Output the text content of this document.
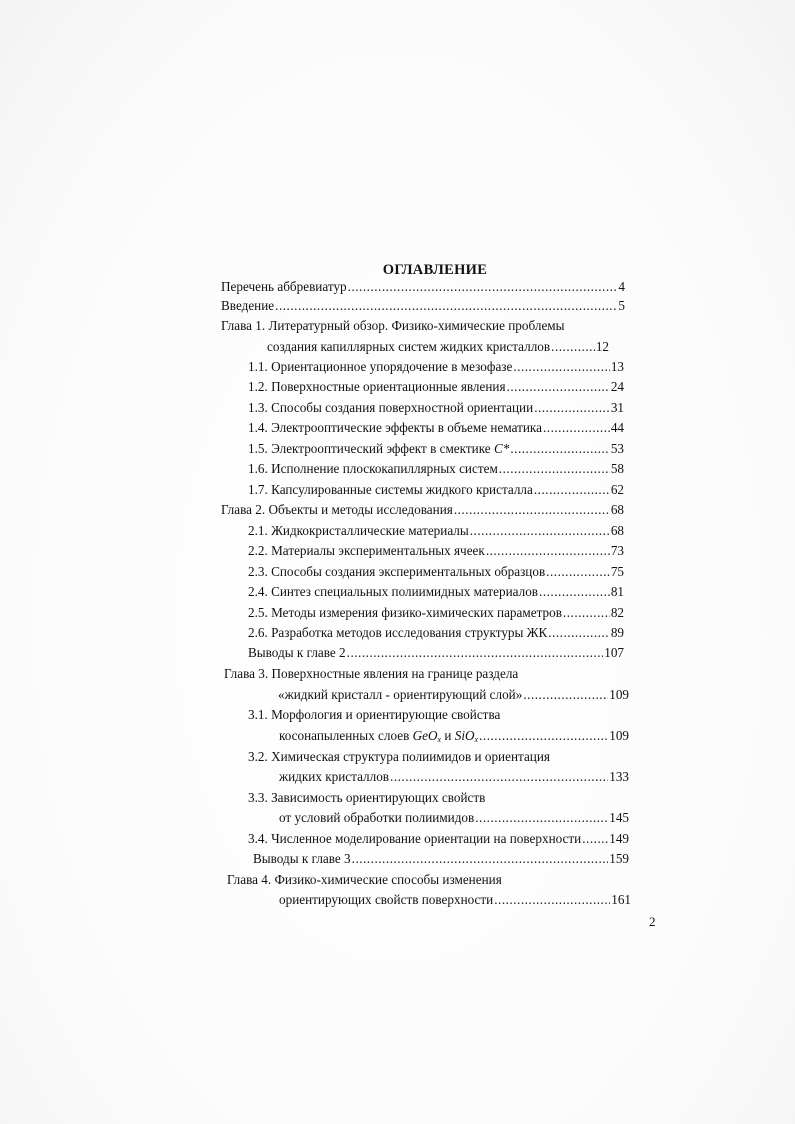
ОГЛАВЛЕНИЕ
Перечень аббревиатур .....	4
Введение .....	5
Глава 1. Литературный обзор. Физико-химические проблемы
создания капиллярных систем жидких кристаллов .....	12
1.1. Ориентационное упорядочение в мезофазе .....	13
1.2. Поверхностные ориентационные явления .....	24
1.3. Способы создания поверхностной ориентации .....	31
1.4. Электрооптические эффекты в объеме нематика .....	44
1.5. Электрооптический эффект в смектике C* .....	53
1.6. Исполнение плоскокапиллярных систем .....	58
1.7. Капсулированные системы жидкого кристалла .....	62
Глава 2. Объекты и методы исследования .....	68
2.1. Жидкокристаллические материалы .....	68
2.2. Материалы экспериментальных ячеек .....	73
2.3. Способы создания экспериментальных образцов .....	75
2.4. Синтез специальных полиимидных материалов .....	81
2.5. Методы измерения физико-химических параметров .....	82
2.6. Разработка методов исследования структуры ЖК .....	89
Выводы к главе 2 .....	107
Глава 3. Поверхностные явления на границе раздела
«жидкий кристалл - ориентирующий слой» .....	109
3.1. Морфология и ориентирующие свойства
косонапыленных слоев GeO$_x$ и SiO$_x$ .....	109
3.2. Химическая структура полиимидов и ориентация
жидких кристаллов .....	133
3.3. Зависимость ориентирующих свойств
от условий обработки полиимидов .....	145
3.4. Численное моделирование ориентации на поверхности ..... 149
Выводы к главе 3 .....	159
Глава 4. Физико-химические способы изменения
ориентирующих свойств поверхности .....	161
2
